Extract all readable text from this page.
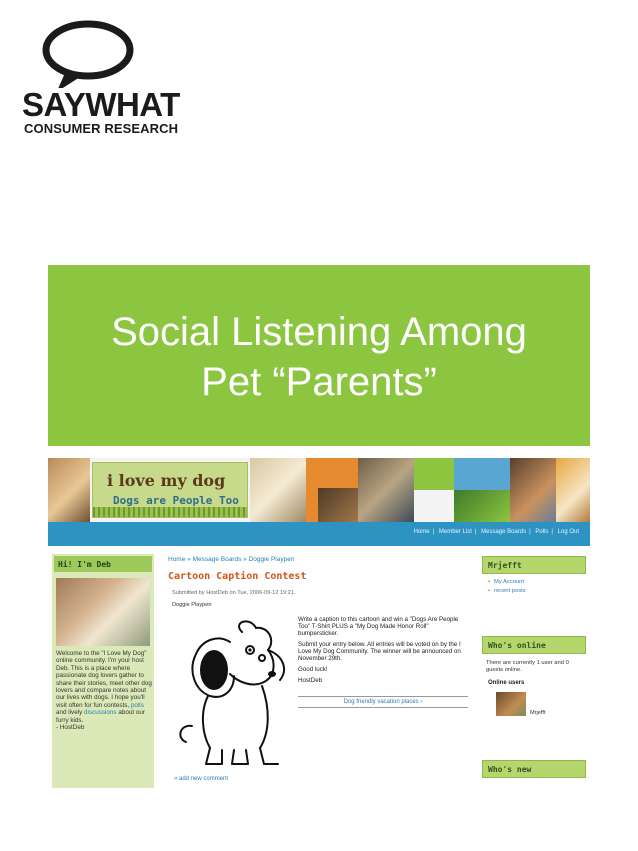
SAYWHAT
CONSUMER RESEARCH
Social Listening Among
Pet “Parents”
i love my dog
Dogs are People Too
Home | Member List | Message Boards | Polls | Log Out
Hi! I'm Deb
Welcome to the "I Love My Dog" online community. I'm your host Deb. This is a place where passionate dog lovers gather to share their stories, meet other dog lovers and compare notes about our lives with dogs. I hope you'll visit often for fun contests, polls and lively discussions about our furry kids.
- HostDeb
Home » Message Boards » Doggie Playpen
Cartoon Caption Contest
Submitted by HostDeb on Tue, 2006-09-12 19:21.
Doggie Playpen

Write a caption to this cartoon and win a "Dogs Are People Too" T-Shirt PLUS a "My Dog Made Honor Roll" bumpersticker.

Submit your entry below. All entries will be voted on by the I Love My Dog Community. The winner will be announced on November 29th.

Good luck!

HostDeb

Dog friendly vacation places ›
» add new comment
Mrjefft
• My Account
• recent posts
Who's online
There are currently 1 user and 0 guests online.
Online users
Mrjefft
Who's new
